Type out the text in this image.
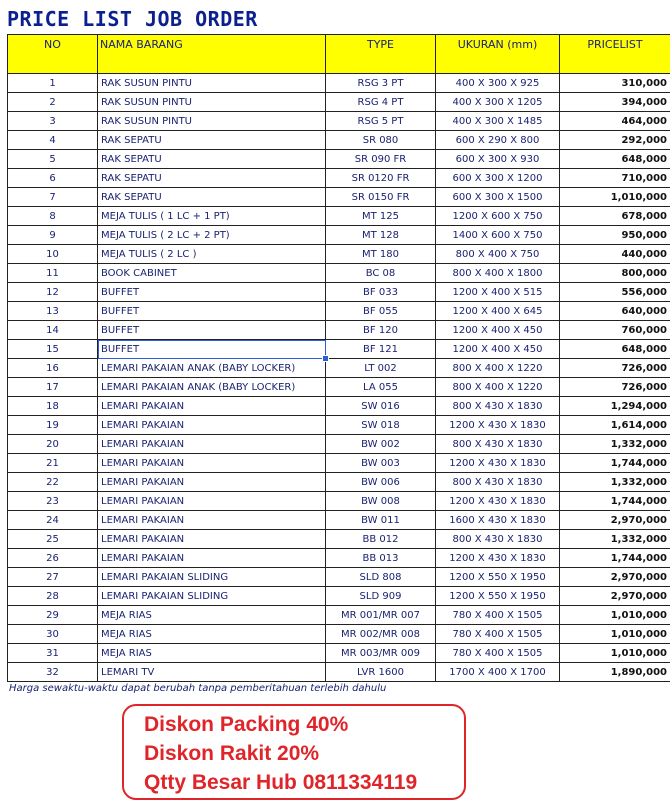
PRICE LIST JOB ORDER
NO	NAMA BARANG	TYPE	UKURAN (mm)	PRICELIST
1	RAK SUSUN PINTU	RSG 3 PT	400 X 300 X 925	310,000
2	RAK SUSUN PINTU	RSG 4 PT	400 X 300 X 1205	394,000
3	RAK SUSUN PINTU	RSG 5 PT	400 X 300 X 1485	464,000
4	RAK SEPATU	SR 080	600 X 290 X 800	292,000
5	RAK SEPATU	SR 090 FR	600 X 300 X 930	648,000
6	RAK SEPATU	SR 0120 FR	600 X 300 X 1200	710,000
7	RAK SEPATU	SR 0150 FR	600 X 300 X 1500	1,010,000
8	MEJA TULIS ( 1 LC + 1 PT)	MT 125	1200 X 600 X 750	678,000
9	MEJA TULIS ( 2 LC + 2 PT)	MT 128	1400 X 600 X 750	950,000
10	MEJA TULIS ( 2 LC )	MT 180	800 X 400 X 750	440,000
11	BOOK CABINET	BC 08	800 X 400 X 1800	800,000
12	BUFFET	BF 033	1200 X 400 X 515	556,000
13	BUFFET	BF 055	1200 X 400 X 645	640,000
14	BUFFET	BF 120	1200 X 400 X 450	760,000
15	BUFFET	BF 121	1200 X 400 X 450	648,000
16	LEMARI PAKAIAN ANAK (BABY LOCKER)	LT 002	800 X 400 X 1220	726,000
17	LEMARI PAKAIAN ANAK (BABY LOCKER)	LA 055	800 X 400 X 1220	726,000
18	LEMARI PAKAIAN	SW 016	800 X 430 X 1830	1,294,000
19	LEMARI PAKAIAN	SW 018	1200 X 430 X 1830	1,614,000
20	LEMARI PAKAIAN	BW 002	800 X 430 X 1830	1,332,000
21	LEMARI PAKAIAN	BW 003	1200 X 430 X 1830	1,744,000
22	LEMARI PAKAIAN	BW 006	800 X 430 X 1830	1,332,000
23	LEMARI PAKAIAN	BW 008	1200 X 430 X 1830	1,744,000
24	LEMARI PAKAIAN	BW 011	1600 X 430 X 1830	2,970,000
25	LEMARI PAKAIAN	BB 012	800 X 430 X 1830	1,332,000
26	LEMARI PAKAIAN	BB 013	1200 X 430 X 1830	1,744,000
27	LEMARI PAKAIAN SLIDING	SLD 808	1200 X 550 X 1950	2,970,000
28	LEMARI PAKAIAN SLIDING	SLD 909	1200 X 550 X 1950	2,970,000
29	MEJA RIAS	MR 001/MR 007	780 X 400 X 1505	1,010,000
30	MEJA RIAS	MR 002/MR 008	780 X 400 X 1505	1,010,000
31	MEJA RIAS	MR 003/MR 009	780 X 400 X 1505	1,010,000
32	LEMARI TV	LVR 1600	1700 X 400 X 1700	1,890,000
Harga sewaktu-waktu dapat berubah tanpa pemberitahuan terlebih dahulu
Diskon Packing 40%
Diskon Rakit 20%
Qtty Besar Hub 0811334119
